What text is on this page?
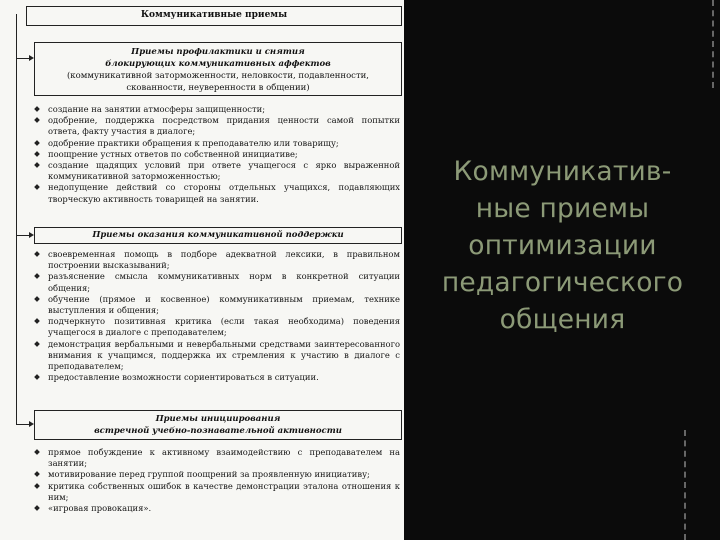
Коммуникативные приемы
Приемы профилактики и снятия
блокирующих коммуникативных аффектов
(коммуникативной заторможенности, неловкости, подавленности,
скованности, неуверенности в общении)
создание на занятии атмосферы защищенности;
одобрение, поддержка посредством придания ценности самой попытки ответа, факту участия в диалоге;
одобрение практики обращения к преподавателю или товарищу;
поощрение устных ответов по собственной инициативе;
создание щадящих условий при ответе учащегося с ярко выраженной коммуникативной заторможенностью;
недопущение действий со стороны отдельных учащихся, подавляющих творческую активность товарищей на занятии.
Приемы оказания коммуникативной поддержки
своевременная помощь в подборе адекватной лексики, в правильном построении высказываний;
разъяснение смысла коммуникативных норм в конкретной ситуации общения;
обучение (прямое и косвенное) коммуникативным приемам, технике выступления и общения;
подчеркнуто позитивная критика (если такая необходима) поведения учащегося в диалоге с преподавателем;
демонстрация вербальными и невербальными средствами заинтересованного внимания к учащимся, поддержка их стремления к участию в диалоге с преподавателем;
предоставление возможности сориентироваться в ситуации.
Приемы инициирования
встречной учебно-познавательной активности
прямое побуждение к активному взаимодействию с преподавателем на занятии;
мотивирование перед группой поощрений за проявленную инициативу;
критика собственных ошибок в качестве демонстрации эталона отношения к ним;
«игровая провокация».
Коммуникатив-
ные приемы
оптимизации
педагогического
общения
